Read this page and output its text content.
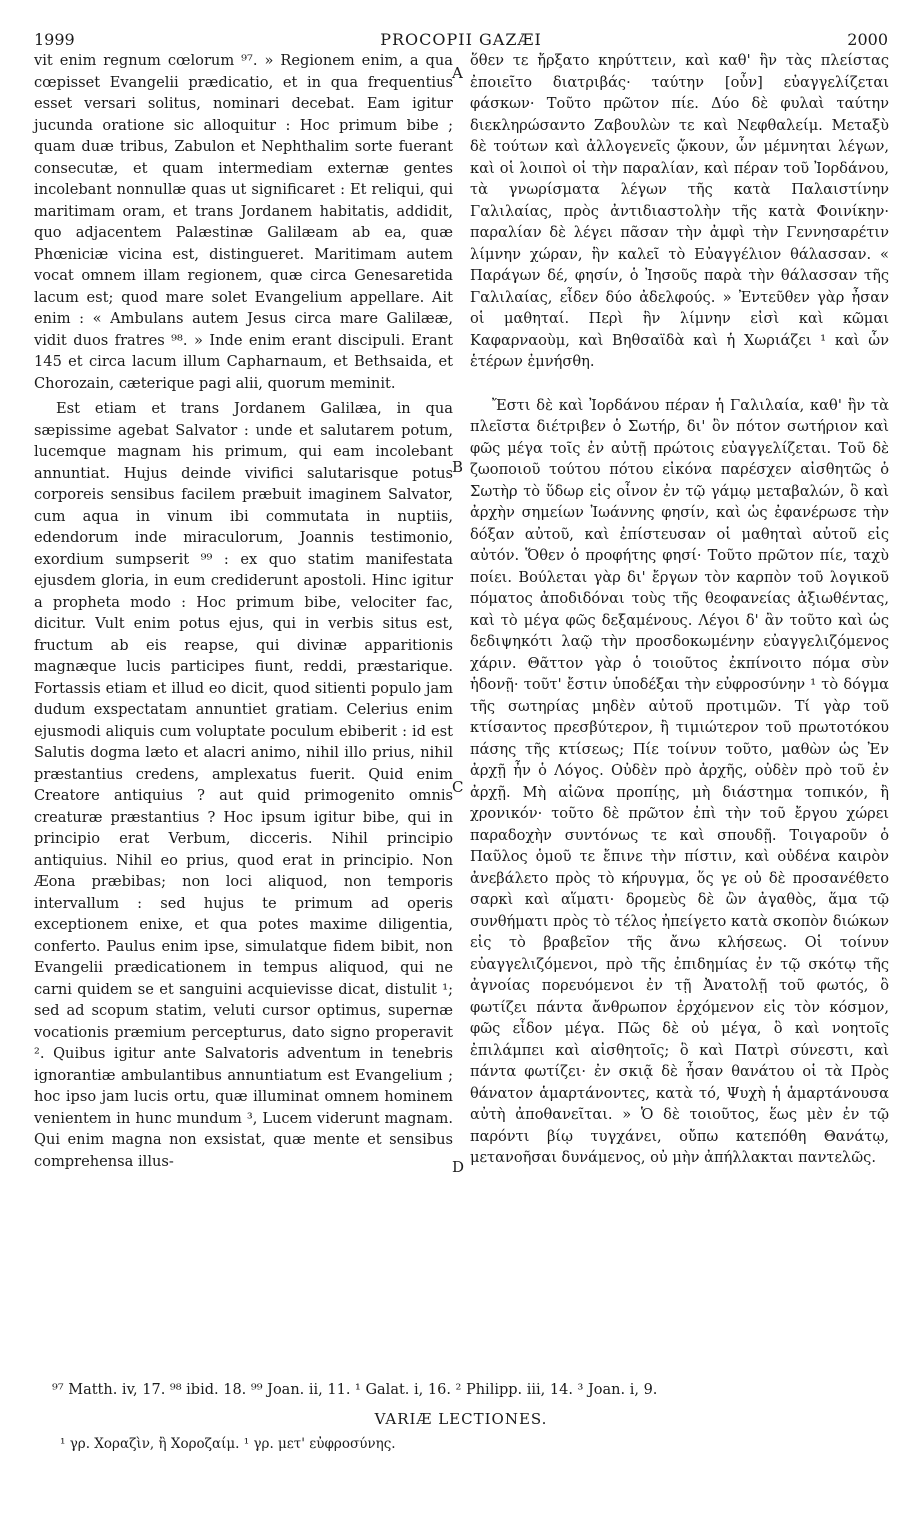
1999	PROCOPII GAZÆI	2000

vit enim regnum cœlorum ⁹⁷. » Regionem enim, a qua cœpisset Evangelii prædicatio, et in qua frequentius esset versari solitus, nominari decebat. Eam igitur jucunda oratione sic alloquitur : Hoc primum bibe ; quam duæ tribus, Zabulon et Nephthalim sorte fuerant consecutæ, et quam intermediam externæ gentes incolebant nonnullæ quas ut significaret : Et reliqui, qui maritimam oram, et trans Jordanem habitatis, addidit, quo adjacentem Palæstinæ Galilæam ab ea, quæ Phœniciæ vicina est, distingueret. Maritimam autem vocat omnem illam regionem, quæ circa Genesaretida lacum est; quod mare solet Evangelium appellare. Ait enim : « Ambulans autem Jesus circa mare Galilææ, vidit duos fratres ⁹⁸. » Inde enim erant discipuli. Erant 145 et circa lacum illum Capharnaum, et Bethsaida, et Chorozain, cæterique pagi alii, quorum meminit.

Est etiam et trans Jordanem Galilæa, in qua sæpissime agebat Salvator : unde et salutarem potum, lucemque magnam his primum, qui eam incolebant annuntiat. Hujus deinde vivifici salutarisque potus corporeis sensibus facilem præbuit imaginem Salvator, cum aqua in vinum ibi commutata in nuptiis, edendorum inde miraculorum, Joannis testimonio, exordium sumpserit ⁹⁹ : ex quo statim manifestata ejusdem gloria, in eum crediderunt apostoli. Hinc igitur a propheta modo : Hoc primum bibe, velociter fac, dicitur. Vult enim potus ejus, qui in verbis situs est, fructum ab eis reapse, qui divinæ apparitionis magnæque lucis participes fiunt, reddi, præstarique. Fortassis etiam et illud eo dicit, quod sitienti populo jam dudum exspectatam annuntiet gratiam. Celerius enim ejusmodi aliquis cum voluptate poculum ebiberit : id est Salutis dogma læto et alacri animo, nihil illo prius, nihil præstantius credens, amplexatus fuerit. Quid enim Creatore antiquius ? aut quid primogenito omnis creaturæ præstantius ? Hoc ipsum igitur bibe, qui in principio erat Verbum, dicceris. Nihil principio antiquius. Nihil eo prius, quod erat in principio. Non Æona præbibas; non loci aliquod, non temporis intervallum : sed hujus te primum ad operis exceptionem enixe, et qua potes maxime diligentia, conferto. Paulus enim ipse, simulatque fidem bibit, non Evangelii prædicationem in tempus aliquod, qui ne carni quidem se et sanguini acquievisse dicat, distulit ¹; sed ad scopum statim, veluti cursor optimus, supernæ vocationis præmium percepturus, dato signo properavit ². Quibus igitur ante Salvatoris adventum in tenebris ignorantiæ ambulantibus annuntiatum est Evangelium ; hoc ipso jam lucis ortu, quæ illuminat omnem hominem venientem in hunc mundum ³, Lucem viderunt magnam. Qui enim magna non exsistat, quæ mente et sensibus comprehensa illus-

ὅθεν τε ἤρξατο κηρύττειν, καὶ καθ' ἣν τὰς πλείστας ἐποιεῖτο διατριβάς· ταύτην [οὖν] εὐαγγελίζεται φάσκων· Τοῦτο πρῶτον πίε. Δύο δὲ φυλαὶ ταύτην διεκληρώσαντο Ζαβουλὼν τε καὶ Νεφθαλείμ. Μεταξὺ δὲ τούτων καὶ ἀλλογενεῖς ᾤκουν, ὧν μέμνηται λέγων, καὶ οἱ λοιποὶ οἱ τὴν παραλίαν, καὶ πέραν τοῦ Ἰορδάνου, τὰ γνωρίσματα λέγων τῆς κατὰ Παλαιστίνην Γαλιλαίας, πρὸς ἀντιδιαστολὴν τῆς κατὰ Φοινίκην· παραλίαν δὲ λέγει πᾶσαν τὴν ἀμφὶ τὴν Γεννησαρέτιν λίμνην χώραν, ἣν καλεῖ τὸ Εὐαγγέλιον θάλασσαν. « Παράγων δέ, φησίν, ὁ Ἰησοῦς παρὰ τὴν θάλασσαν τῆς Γαλιλαίας, εἶδεν δύο ἀδελφούς. » Ἐντεῦθεν γὰρ ἦσαν οἱ μαθηταί. Περὶ ἣν λίμνην εἰσὶ καὶ κῶμαι Καφαρναοὺμ, καὶ Βηθσαϊδὰ καὶ ἡ Χωριάζει ¹ καὶ ὧν ἑτέρων ἐμνήσθη.

Ἔστι δὲ καὶ Ἰορδάνου πέραν ἡ Γαλιλαία, καθ' ἣν τὰ πλεῖστα διέτριβεν ὁ Σωτήρ, δι' ὃν πότον σωτήριον καὶ φῶς μέγα τοῖς ἐν αὐτῇ πρώτοις εὐαγγελίζεται. Τοῦ δὲ ζωοποιοῦ τούτου πότου εἰκόνα παρέσχεν αἰσθητῶς ὁ Σωτὴρ τὸ ὕδωρ εἰς οἶνον ἐν τῷ γάμῳ μεταβαλών, ὃ καὶ ἀρχὴν σημείων Ἰωάννης φησίν, καὶ ὡς ἐφανέρωσε τὴν δόξαν αὐτοῦ, καὶ ἐπίστευσαν οἱ μαθηταὶ αὐτοῦ εἰς αὐτόν. Ὅθεν ὁ προφήτης φησί· Τοῦτο πρῶτον πίε, ταχὺ ποίει. Βούλεται γὰρ δι' ἔργων τὸν καρπὸν τοῦ λογικοῦ πόματος ἀποδιδόναι τοὺς τῆς θεοφανείας ἀξιωθέντας, καὶ τὸ μέγα φῶς δεξαμένους. Λέγοι δ' ἂν τοῦτο καὶ ὡς δεδιψηκότι λαῷ τὴν προσδοκωμένην εὐαγγελιζόμενος χάριν. Θᾶττον γὰρ ὁ τοιοῦτος ἐκπίνοιτο πόμα σὺν ἡδονῇ· τοῦτ' ἔστιν ὑποδέξαι τὴν εὐφροσύνην ¹ τὸ δόγμα τῆς σωτηρίας μηδὲν αὐτοῦ προτιμῶν. Τί γὰρ τοῦ κτίσαντος πρεσβύτερον, ἢ τιμιώτερον τοῦ πρωτοτόκου πάσης τῆς κτίσεως; Πίε τοίνυν τοῦτο, μαθὼν ὡς Ἐν ἀρχῇ ἦν ὁ Λόγος. Οὐδὲν πρὸ ἀρχῆς, οὐδὲν πρὸ τοῦ ἐν ἀρχῇ. Μὴ αἰῶνα προπίῃς, μὴ διάστημα τοπικόν, ἢ χρονικόν· τοῦτο δὲ πρῶτον ἐπὶ τὴν τοῦ ἔργου χώρει παραδοχὴν συντόνως τε καὶ σπουδῇ. Τοιγαροῦν ὁ Παῦλος ὁμοῦ τε ἔπινε τὴν πίστιν, καὶ οὐδένα καιρὸν ἀνεβάλετο πρὸς τὸ κήρυγμα, ὅς γε οὐ δὲ προσανέθετο σαρκὶ καὶ αἵματι· δρομεὺς δὲ ὢν ἀγαθὸς, ἅμα τῷ συνθήματι πρὸς τὸ τέλος ἠπείγετο κατὰ σκοπὸν διώκων εἰς τὸ βραβεῖον τῆς ἄνω κλήσεως. Οἱ τοίνυν εὐαγγελιζόμενοι, πρὸ τῆς ἐπιδημίας ἐν τῷ σκότῳ τῆς ἀγνοίας πορευόμενοι ἐν τῇ Ἀνατολῇ τοῦ φωτός, ὃ φωτίζει πάντα ἄνθρωπον ἐρχόμενον εἰς τὸν κόσμον, φῶς εἶδον μέγα. Πῶς δὲ οὐ μέγα, ὃ καὶ νοητοῖς ἐπιλάμπει καὶ αἰσθητοῖς; ὃ καὶ Πατρὶ σύνεστι, καὶ πάντα φωτίζει· ἐν σκιᾷ δὲ ἦσαν θανάτου οἱ τὰ Πρὸς θάνατον ἁμαρτάνοντες, κατὰ τό, Ψυχὴ ἡ ἁμαρτάνουσα αὐτὴ ἀποθανεῖται. » Ὁ δὲ τοιοῦτος, ἕως μὲν ἐν τῷ παρόντι βίῳ τυγχάνει, οὔπω κατεπόθη Θανάτῳ, μετανοῆσαι δυνάμενος, οὐ μὴν ἀπήλλακται παντελῶς.

A
B
C
D
⁹⁷ Matth. iv, 17. ⁹⁸ ibid. 18. ⁹⁹ Joan. ii, 11. ¹ Galat. i, 16. ² Philipp. iii, 14. ³ Joan. i, 9.
VARIÆ LECTIONES.
¹ γρ. Χοραζὶν, ἢ Χοροζαίμ. ¹ γρ. μετ' εὐφροσύνης.
